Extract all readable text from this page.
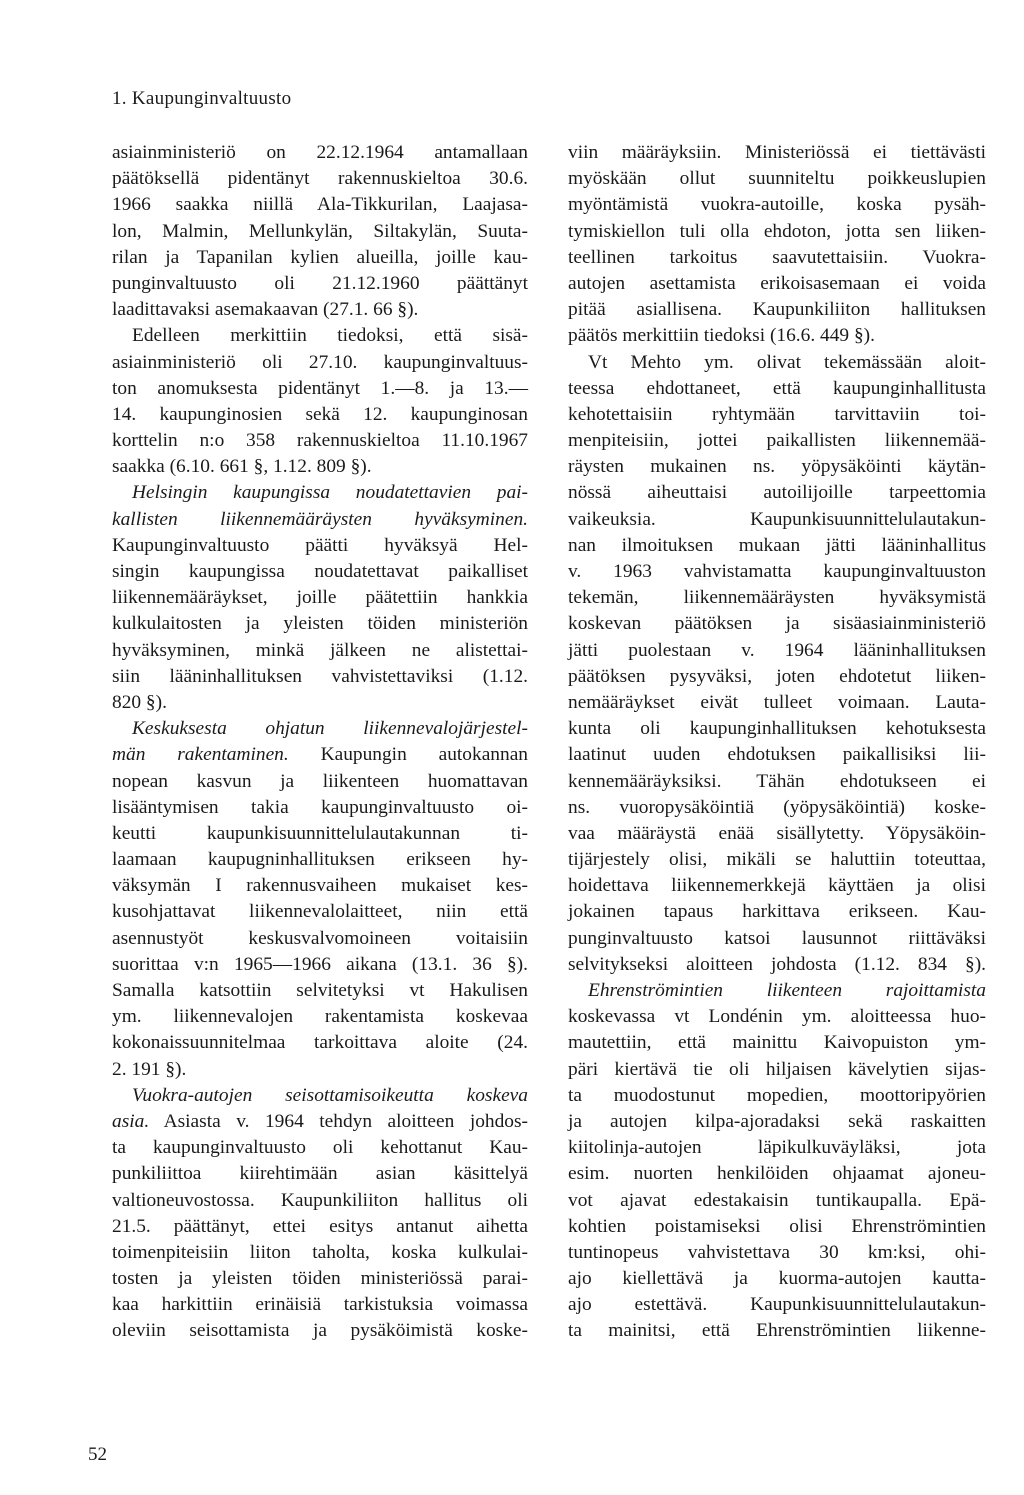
1. Kaupunginvaltuusto
asiainministeriö on 22.12.1964 antamallaan
päätöksellä pidentänyt rakennuskieltoa 30.6.
1966 saakka niillä Ala-Tikkurilan, Laajasa-
lon, Malmin, Mellunkylän, Siltakylän, Suuta-
rilan ja Tapanilan kylien alueilla, joille kau-
punginvaltuusto oli 21.12.1960 päättänyt
laadittavaksi asemakaavan (27.1. 66 §).
Edelleen merkittiin tiedoksi, että sisä-
asiainministeriö oli 27.10. kaupunginvaltuus-
ton anomuksesta pidentänyt 1.—8. ja 13.—
14. kaupunginosien sekä 12. kaupunginosan
korttelin n:o 358 rakennuskieltoa 11.10.1967
saakka (6.10. 661 §, 1.12. 809 §).
Helsingin kaupungissa noudatettavien pai-
kallisten liikennemääräysten hyväksyminen.
Kaupunginvaltuusto päätti hyväksyä Hel-
singin kaupungissa noudatettavat paikalliset
liikennemääräykset, joille päätettiin hankkia
kulkulaitosten ja yleisten töiden ministeriön
hyväksyminen, minkä jälkeen ne alistettai-
siin lääninhallituksen vahvistettaviksi (1.12.
820 §).
Keskuksesta ohjatun liikennevalojärjestel-
män rakentaminen. Kaupungin autokannan
nopean kasvun ja liikenteen huomattavan
lisääntymisen takia kaupunginvaltuusto oi-
keutti kaupunkisuunnittelulautakunnan ti-
laamaan kaupugninhallituksen erikseen hy-
väksymän I rakennusvaiheen mukaiset kes-
kusohjattavat liikennevalolaitteet, niin että
asennustyöt keskusvalvomoineen voitaisiin
suorittaa v:n 1965—1966 aikana (13.1. 36 §).
Samalla katsottiin selvitetyksi vt Hakulisen
ym. liikennevalojen rakentamista koskevaa
kokonaissuunnitelmaa tarkoittava aloite (24.
2. 191 §).
Vuokra-autojen seisottamisoikeutta koskeva
asia. Asiasta v. 1964 tehdyn aloitteen johdos-
ta kaupunginvaltuusto oli kehottanut Kau-
punkiliittoa kiirehtimään asian käsittelyä
valtioneuvostossa. Kaupunkiliiton hallitus oli
21.5. päättänyt, ettei esitys antanut aihetta
toimenpiteisiin liiton taholta, koska kulkulai-
tosten ja yleisten töiden ministeriössä parai-
kaa harkittiin erinäisiä tarkistuksia voimassa
oleviin seisottamista ja pysäköimistä koske-
viin määräyksiin. Ministeriössä ei tiettävästi
myöskään ollut suunniteltu poikkeuslupien
myöntämistä vuokra-autoille, koska pysäh-
tymiskiellon tuli olla ehdoton, jotta sen liiken-
teellinen tarkoitus saavutettaisiin. Vuokra-
autojen asettamista erikoisasemaan ei voida
pitää asiallisena. Kaupunkiliiton hallituksen
päätös merkittiin tiedoksi (16.6. 449 §).
Vt Mehto ym. olivat tekemässään aloit-
teessa ehdottaneet, että kaupunginhallitusta
kehotettaisiin ryhtymään tarvittaviin toi-
menpiteisiin, jottei paikallisten liikennemää-
räysten mukainen ns. yöpysäköinti käytän-
nössä aiheuttaisi autoilijoille tarpeettomia
vaikeuksia. Kaupunkisuunnittelulautakun-
nan ilmoituksen mukaan jätti lääninhallitus
v. 1963 vahvistamatta kaupunginvaltuuston
tekemän, liikennemääräysten hyväksymistä
koskevan päätöksen ja sisäasiainministeriö
jätti puolestaan v. 1964 lääninhallituksen
päätöksen pysyväksi, joten ehdotetut liiken-
nemääräykset eivät tulleet voimaan. Lauta-
kunta oli kaupunginhallituksen kehotuksesta
laatinut uuden ehdotuksen paikallisiksi lii-
kennemääräyksiksi. Tähän ehdotukseen ei
ns. vuoropysäköintiä (yöpysäköintiä) koske-
vaa määräystä enää sisällytetty. Yöpysäköin-
tijärjestely olisi, mikäli se haluttiin toteuttaa,
hoidettava liikennemerkkejä käyttäen ja olisi
jokainen tapaus harkittava erikseen. Kau-
punginvaltuusto katsoi lausunnot riittäväksi
selvitykseksi aloitteen johdosta (1.12. 834 §).
Ehrenströmintien liikenteen rajoittamista
koskevassa vt Londénin ym. aloitteessa huo-
mautettiin, että mainittu Kaivopuiston ym-
päri kiertävä tie oli hiljaisen kävelytien sijas-
ta muodostunut mopedien, moottoripyörien
ja autojen kilpa-ajoradaksi sekä raskaitten
kiitolinja-autojen läpikulkuväyläksi, jota
esim. nuorten henkilöiden ohjaamat ajoneu-
vot ajavat edestakaisin tuntikaupalla. Epä-
kohtien poistamiseksi olisi Ehrenströmintien
tuntinopeus vahvistettava 30 km:ksi, ohi-
ajo kiellettävä ja kuorma-autojen kautta-
ajo estettävä. Kaupunkisuunnittelulautakun-
ta mainitsi, että Ehrenströmintien liikenne-
52
